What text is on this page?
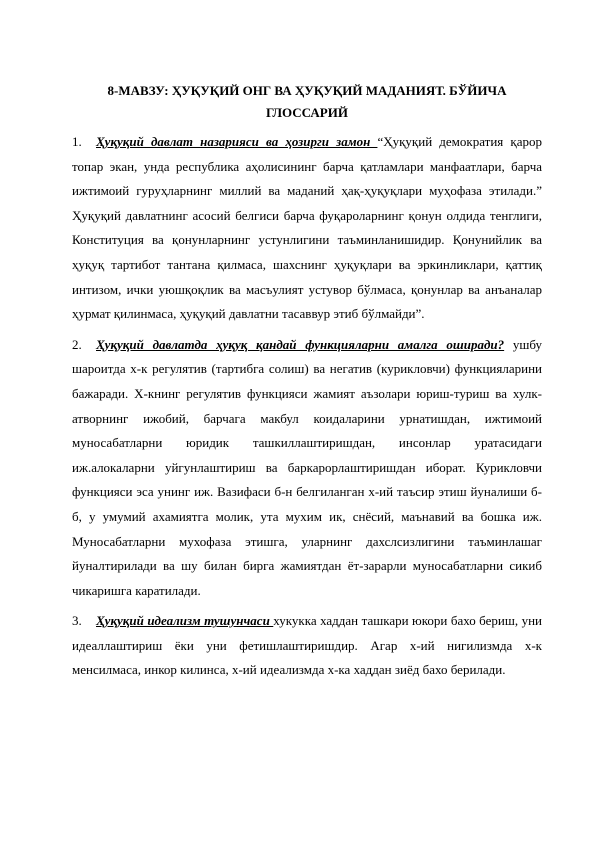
8-МАВЗУ: ҲУҚУҚИЙ ОНГ ВА ҲУҚУҚИЙ МАДАНИЯТ. БЎЙИЧА
ГЛОССАРИЙ

1. Ҳуқуқий давлат назарияси ва ҳозирги замон “Ҳуқуқий демократия қарор топар экан, унда республика аҳолисининг барча қатламлари манфаатлари, барча ижтимоий гуруҳларнинг миллий ва маданий ҳақ-ҳуқуқлари муҳофаза этилади.” Ҳуқуқий давлатнинг асосий белгиси барча фуқароларнинг қонун олдида тенглиги, Конституция ва қонунларнинг устунлигини таъминланишидир. Қонунийлик ва ҳуқуқ тартибот тантана қилмаса, шахснинг ҳуқуқлари ва эркинликлари, қаттиқ интизом, ички уюшқоқлик ва масъулият устувор бўлмаса, қонунлар ва анъаналар ҳурмат қилинмаса, ҳуқуқий давлатни тасаввур этиб бўлмайди”.

2. Ҳуқуқий давлатда ҳуқуқ қандай функцияларни амалга оширади? ушбу шароитда х-к регулятив (тартибга солиш) ва негатив (курикловчи) функцияларини бажаради. Х-книнг регулятив функцияси жамият аъзолари юриш-туриш ва хулк-атворнинг ижобий, барчага макбул коидаларини урнатишдан, ижтимоий муносабатларни юридик ташкиллаштиришдан, инсонлар уратасидаги иж.алокаларни уйгунлаштириш ва баркарорлаштиришдан иборат. Курикловчи функцияси эса унинг иж. Вазифаси б-н белгиланган х-ий таъсир этиш йуналиши б-б, у умумий ахамиятга молик, ута мухим ик, снёсий, маънавий ва бошка иж. Муносабатларни мухофаза этишга, уларнинг дахслсизлигини таъминлашаг йуналтирилади ва шу билан бирга жамиятдан ёт-зарарли муносабатларни сикиб чикаришга каратилади.

3. Ҳуқуқий идеализм тушунчаси хукукка хаддан ташкари юкори бахо бериш, уни идеаллаштириш ёки уни фетишлаштиришдир. Агар х-ий нигилизмда х-к менсилмаса, инкор килинса, х-ий идеализмда х-ка хаддан зиёд бахо берилади.
